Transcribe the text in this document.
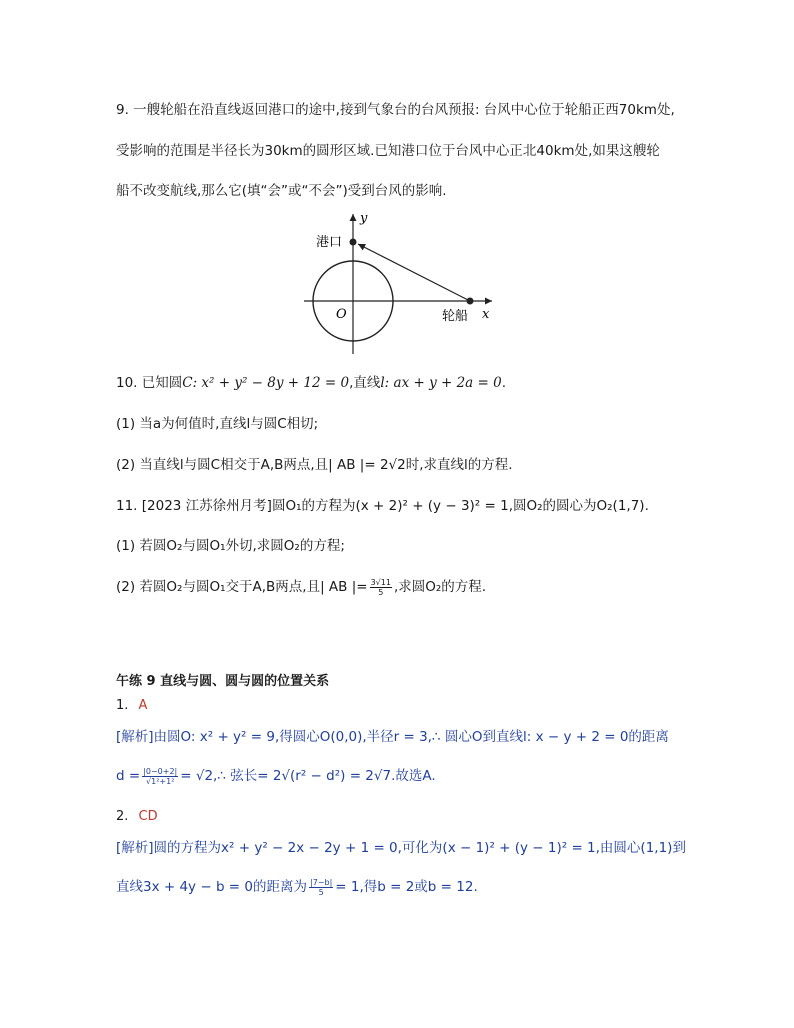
9. 一艘轮船在沿直线返回港口的途中,接到气象台的台风预报: 台风中心位于轮船正西70km处,
受影响的范围是半径长为30km的圆形区域.已知港口位于台风中心正北40km处,如果这艘轮
船不改变航线,那么它(填“会”或“不会”)受到台风的影响.
y
x
O
港口
轮船
10. 已知圆C: x² + y² − 8y + 12 = 0,直线l: ax + y + 2a = 0.
(1) 当a为何值时,直线l与圆C相切;
(2) 当直线l与圆C相交于A,B两点,且| AB |= 2√2时,求直线l的方程.
11. [2023 江苏徐州月考]圆O₁的方程为(x + 2)² + (y − 3)² = 1,圆O₂的圆心为O₂(1,7).
(1) 若圆O₂与圆O₁外切,求圆O₂的方程;
(2) 若圆O₂与圆O₁交于A,B两点,且| AB |= $\frac{3√11}{5}$ ,求圆O₂的方程.
午练 9 直线与圆、圆与圆的位置关系
1. A
[解析]由圆O: x² + y² = 9,得圆心O(0,0),半径r = 3,∴ 圆心O到直线l: x − y + 2 = 0的距离
$d = \frac{|0-0+2|}{\text{√1²+1²}}$ = √2,∴ 弦长= 2√(r² − d²) = 2√7.故选A.
2. CD
[解析]圆的方程为x² + y² − 2x − 2y + 1 = 0,可化为(x − 1)² + (y − 1)² = 1,由圆心(1,1)到
直线3x + 4y − b = 0的距离为 $\frac{|7-b|}{5} = 1$,得b = 2或b = 12.
